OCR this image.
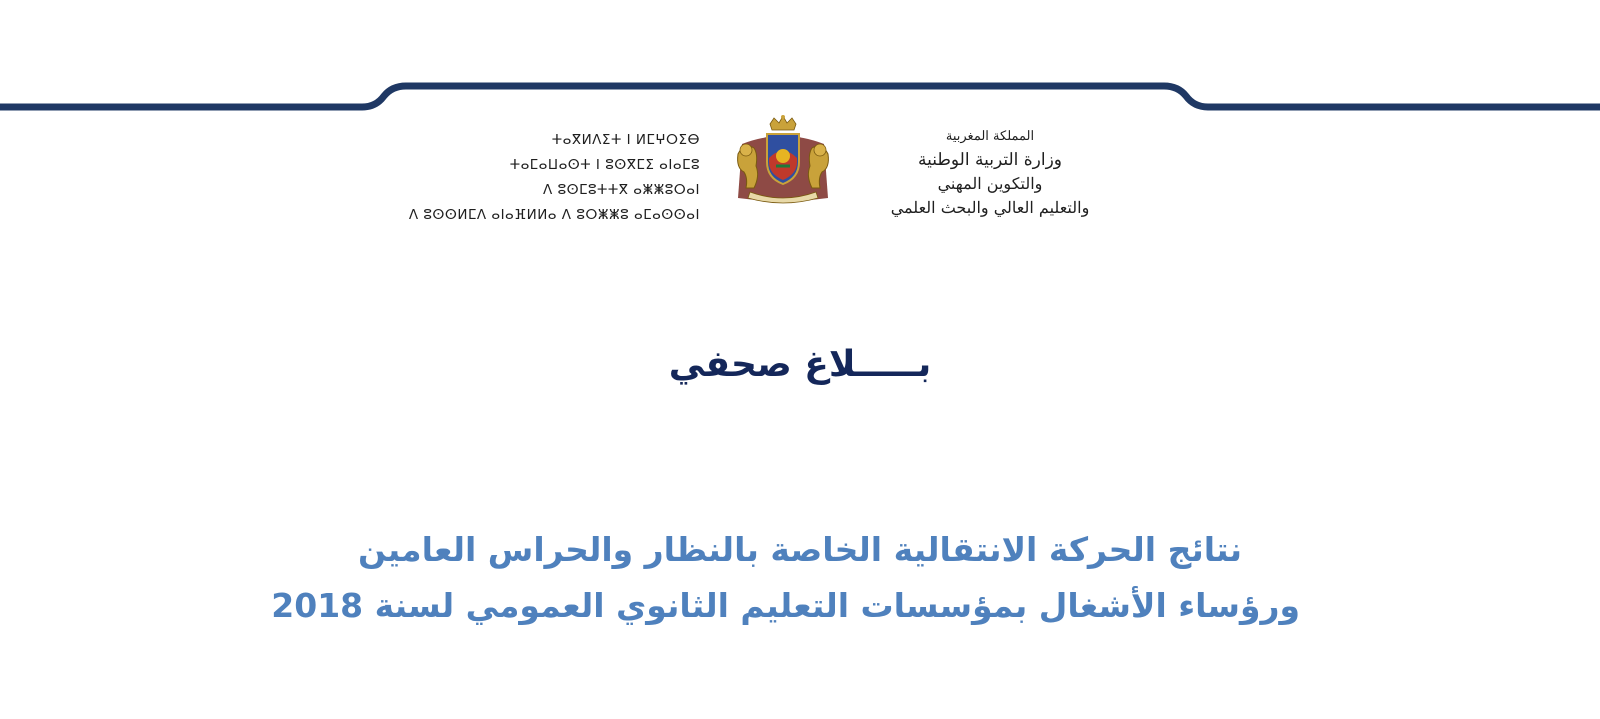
ⵜⴰⴳⵍⴷⵉⵜ ⵏ ⵍⵎⵖⵔⵉⴱ
ⵜⴰⵎⴰⵡⴰⵙⵜ ⵏ ⵓⵙⴳⵎⵉ ⴰⵏⴰⵎⵓ
ⴷ ⵓⵙⵎⵓⵜⵜⴳ ⴰⵥⵥⵓⵔⴰⵏ
ⴷ ⵓⵙⵙⵍⵎⴷ ⴰⵏⴰⴼⵍⵍⴰ ⴷ ⵓⵔⵥⵥⵓ ⴰⵎⴰⵙⵙⴰⵏ
المملكة المغربية
وزارة التربية الوطنية
والتكوين المهني
والتعليم العالي والبحث العلمي
بـــــلاغ صحفي
نتائج الحركة الانتقالية الخاصة بالنظار والحراس العامين
ورؤساء الأشغال بمؤسسات التعليم الثانوي العمومي لسنة 2018
